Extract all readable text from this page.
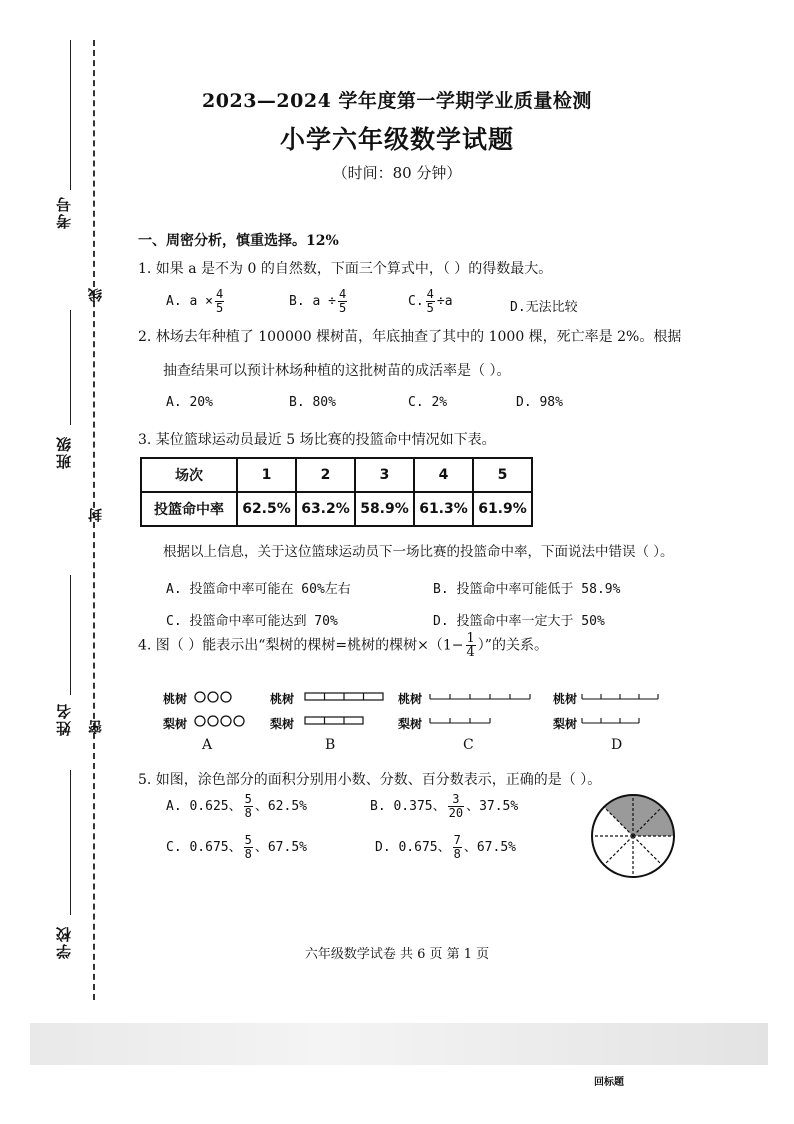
考号
班级
姓名
学校
线
封
密
2023—2024 学年度第一学期学业质量检测
小学六年级数学试题
（时间：80 分钟）
一、周密分析，慎重选择。12%
1. 如果 a 是不为 0 的自然数，下面三个算式中，（ ）的得数最大。
A. $a \times \frac{4}{5}$	B. $a \div \frac{4}{5}$	C. $\frac{4}{5} \div a$	D.无法比较
2. 林场去年种植了 100000 棵树苗，年底抽查了其中的 1000 棵，死亡率是 2%。根据
抽查结果可以预计林场种植的这批树苗的成活率是（ ）。
A. 20%	B. 80%	C. 2%	D. 98%
3. 某位篮球运动员最近 5 场比赛的投篮命中情况如下表。
场次	1	2	3	4	5
投篮命中率	62.5%	63.2%	58.9%	61.3%	61.9%
根据以上信息，关于这位篮球运动员下一场比赛的投篮命中率，下面说法中错误（ ）。
A. 投篮命中率可能在 60%左右	B. 投篮命中率可能低于 58.9%
C. 投篮命中率可能达到 70%	D. 投篮命中率一定大于 50%
4. 图（ ）能表示出“梨树的棵树=桃树的棵树$\times(1- \frac{1}{4}$ ）”的关系。
桃树
梨树
桃树
梨树
桃树
梨树
桃树
梨树
A	B	C	D
5. 如图，涂色部分的面积分别用小数、分数、百分数表示，正确的是（ ）。
A. 0.625、 $\frac{5}{8}$ 、62.5%	B. 0.375、 $\frac{3}{20}$ 、37.5%
C. 0.675、 $\frac{5}{8}$ 、67.5%	D. 0.675、 $\frac{7}{8}$ 、67.5%
六年级数学试卷 共 6 页 第 1 页
回标题
